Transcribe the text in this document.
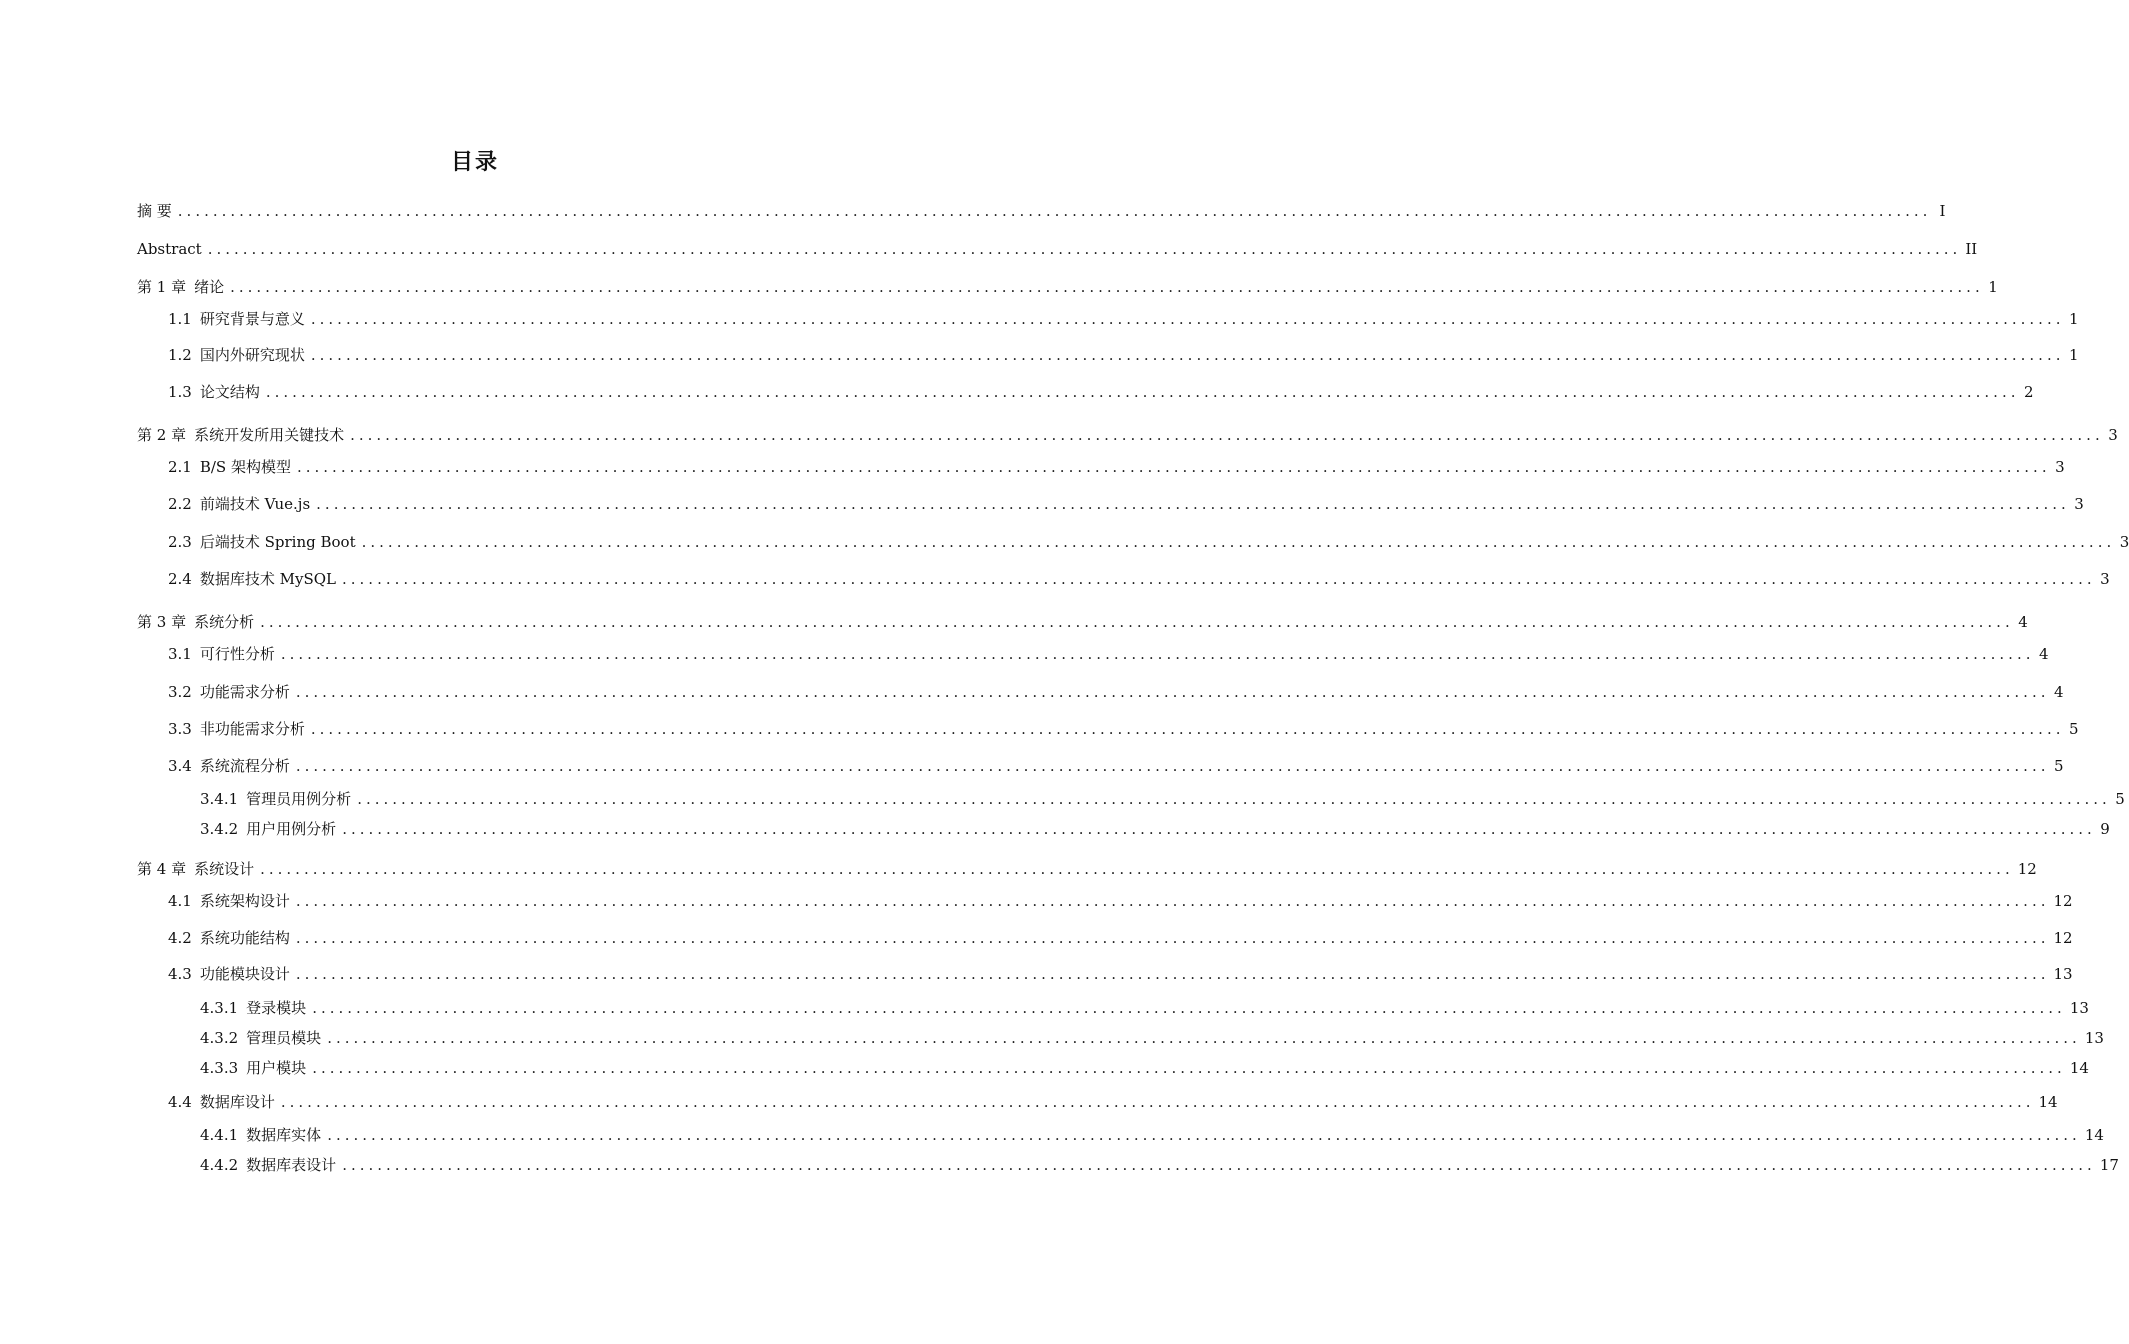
目录
摘 要 ........................................................................................................................................................................................................ I
Abstract ........................................................................................................................................................................................................ II
第 1 章 绪论 ........................................................................................................................................................................................................ 1
1.1 研究背景与意义 ........................................................................................................................................................................................................ 1
1.2 国内外研究现状 ........................................................................................................................................................................................................ 1
1.3 论文结构 ........................................................................................................................................................................................................ 2
第 2 章 系统开发所用关键技术 ........................................................................................................................................................................................................ 3
2.1 B/S 架构模型 ........................................................................................................................................................................................................ 3
2.2 前端技术 Vue.js ........................................................................................................................................................................................................ 3
2.3 后端技术 Spring Boot ........................................................................................................................................................................................................ 3
2.4 数据库技术 MySQL ........................................................................................................................................................................................................ 3
第 3 章 系统分析 ........................................................................................................................................................................................................ 4
3.1 可行性分析 ........................................................................................................................................................................................................ 4
3.2 功能需求分析 ........................................................................................................................................................................................................ 4
3.3 非功能需求分析 ........................................................................................................................................................................................................ 5
3.4 系统流程分析 ........................................................................................................................................................................................................ 5
3.4.1 管理员用例分析 ........................................................................................................................................................................................................ 5
3.4.2 用户用例分析 ........................................................................................................................................................................................................ 9
第 4 章 系统设计 ........................................................................................................................................................................................................ 12
4.1 系统架构设计 ........................................................................................................................................................................................................ 12
4.2 系统功能结构 ........................................................................................................................................................................................................ 12
4.3 功能模块设计 ........................................................................................................................................................................................................ 13
4.3.1 登录模块 ........................................................................................................................................................................................................ 13
4.3.2 管理员模块 ........................................................................................................................................................................................................ 13
4.3.3 用户模块 ........................................................................................................................................................................................................ 14
4.4 数据库设计 ........................................................................................................................................................................................................ 14
4.4.1 数据库实体 ........................................................................................................................................................................................................ 14
4.4.2 数据库表设计 ........................................................................................................................................................................................................ 17
